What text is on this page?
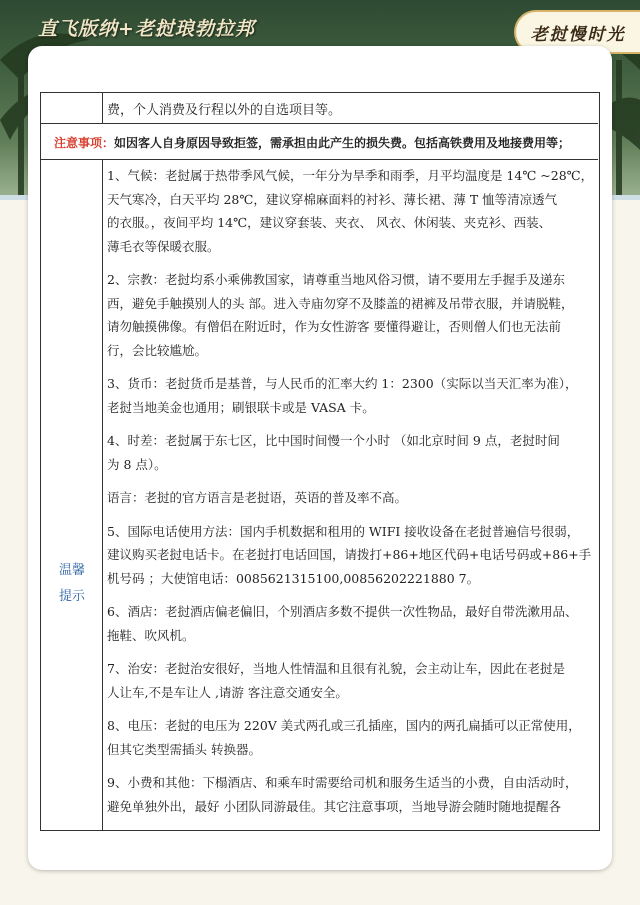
直飞版纳+老挝琅勃拉邦	老挝慢时光
费，个人消费及行程以外的自选项目等。
注意事项：如因客人自身原因导致拒签，需承担由此产生的损失费。包括高铁费用及地接费用等；
温馨
提示

1、气候：老挝属于热带季风气候，一年分为旱季和雨季，月平均温度是 14℃ ~28℃，
天气寒冷，白天平均 28℃，建议穿棉麻面料的衬衫、薄长裙、薄 T 恤等清凉透气
的衣服。，夜间平均 14℃，建议穿套装、夹衣、 风衣、休闲装、夹克衫、西装、
薄毛衣等保暖衣服。

2、宗教：老挝均系小乘佛教国家，请尊重当地风俗习惯，请不要用左手握手及递东
西，避免手触摸别人的头 部。进入寺庙勿穿不及膝盖的裙裤及吊带衣服，并请脱鞋，
请勿触摸佛像。有僧侣在附近时，作为女性游客 要懂得避让，否则僧人们也无法前
行，会比较尴尬。

3、货币：老挝货币是基普，与人民币的汇率大约 1：2300（实际以当天汇率为准），
老挝当地美金也通用；刷银联卡或是 VASA 卡。

4、时差：老挝属于东七区，比中国时间慢一个小时 （如北京时间 9 点，老挝时间
为 8 点）。

语言：老挝的官方语言是老挝语，英语的普及率不高。

5、国际电话使用方法：国内手机数据和租用的 WIFI 接收设备在老挝普遍信号很弱，
建议购买老挝电话卡。在老挝打电话回国，请拨打+86+地区代码+电话号码或+86+手
机号码 ；大使馆电话：0085621315100,00856202221880 7。

6、酒店：老挝酒店偏老偏旧，个别酒店多数不提供一次性物品，最好自带洗漱用品、
拖鞋、吹风机。

7、治安：老挝治安很好，当地人性情温和且很有礼貌，会主动让车，因此在老挝是
人让车,不是车让人 ,请游 客注意交通安全。

8、电压：老挝的电压为 220V 美式两孔或三孔插座，国内的两孔扁插可以正常使用，
但其它类型需插头 转换器。

9、小费和其他：下榻酒店、和乘车时需要给司机和服务生适当的小费，自由活动时，
避免单独外出，最好 小团队同游最佳。其它注意事项，当地导游会随时随地提醒各
